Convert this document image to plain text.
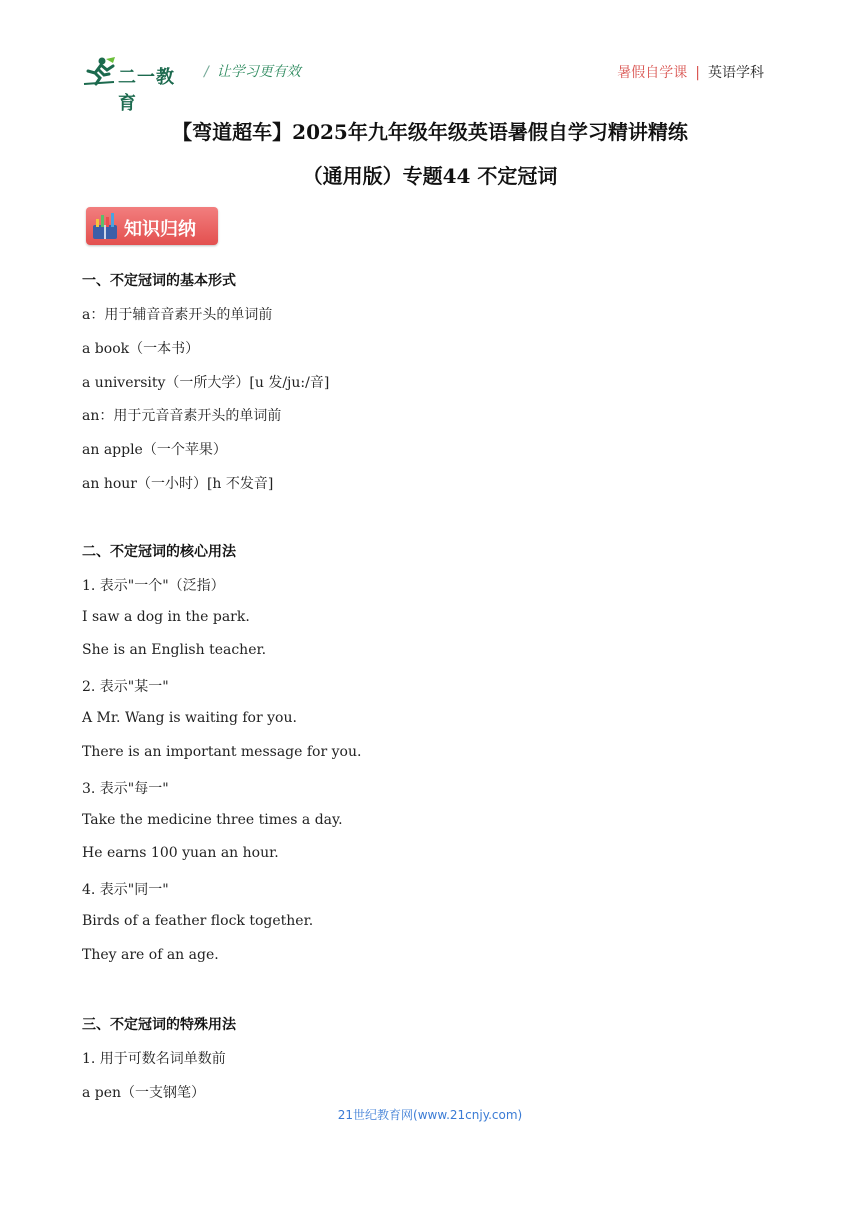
二一教育
/ 让学习更有效	暑假自学课 | 英语学科
【弯道超车】2025年九年级年级英语暑假自学习精讲精练
（通用版）专题44 不定冠词
知识归纳
一、不定冠词的基本形式
a：用于辅音音素开头的单词前
a book（一本书）
a university（一所大学）[u 发/ju:/音]
an：用于元音音素开头的单词前
an apple（一个苹果）
an hour（一小时）[h 不发音]
二、不定冠词的核心用法
1. 表示"一个"（泛指）
I saw a dog in the park.
She is an English teacher.
2. 表示"某一"
A Mr. Wang is waiting for you.
There is an important message for you.
3. 表示"每一"
Take the medicine three times a day.
He earns 100 yuan an hour.
4. 表示"同一"
Birds of a feather flock together.
They are of an age.
三、不定冠词的特殊用法
1. 用于可数名词单数前
a pen（一支钢笔）
21世纪教育网(www.21cnjy.com)
